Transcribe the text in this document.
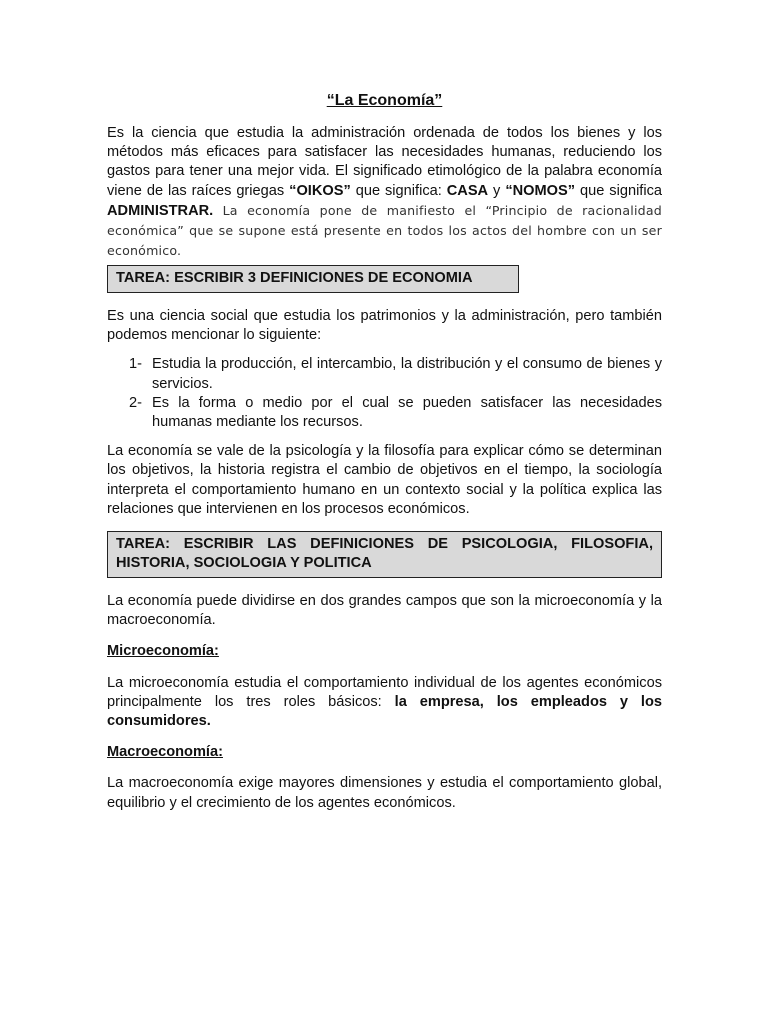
“La Economía”

Es la ciencia que estudia la administración ordenada de todos los bienes y los métodos más eficaces para satisfacer las necesidades humanas, reduciendo los gastos para tener una mejor vida. El significado etimológico de la palabra economía viene de las raíces griegas “OIKOS” que significa: CASA y “NOMOS” que significa ADMINISTRAR. La economía pone de manifiesto el “Principio de racionalidad económica” que se supone está presente en todos los actos del hombre con un ser económico.

TAREA: ESCRIBIR 3 DEFINICIONES DE ECONOMIA

Es una ciencia social que estudia los patrimonios y la administración, pero también podemos mencionar lo siguiente:

1- Estudia la producción, el intercambio, la distribución y el consumo de bienes y servicios.
2- Es la forma o medio por el cual se pueden satisfacer las necesidades humanas mediante los recursos.

La economía se vale de la psicología y la filosofía para explicar cómo se determinan los objetivos, la historia registra el cambio de objetivos en el tiempo, la sociología interpreta el comportamiento humano en un contexto social y la política explica las relaciones que intervienen en los procesos económicos.

TAREA: ESCRIBIR LAS DEFINICIONES DE PSICOLOGIA, FILOSOFIA, HISTORIA, SOCIOLOGIA Y POLITICA

La economía puede dividirse en dos grandes campos que son la microeconomía y la macroeconomía.

Microeconomía:

La microeconomía estudia el comportamiento individual de los agentes económicos principalmente los tres roles básicos: la empresa, los empleados y los consumidores.

Macroeconomía:

La macroeconomía exige mayores dimensiones y estudia el comportamiento global, equilibrio y el crecimiento de los agentes económicos.
